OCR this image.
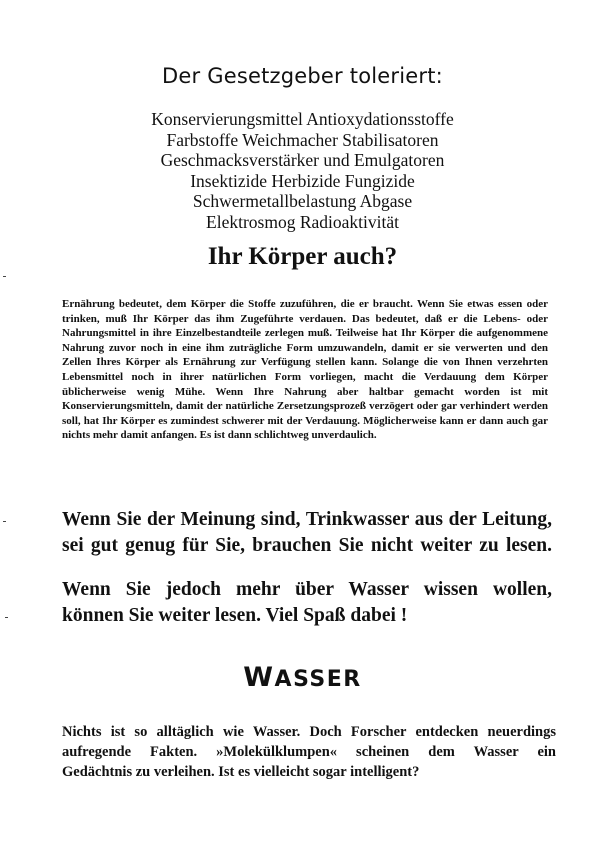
Der Gesetzgeber toleriert:
Konservierungsmittel Antioxydationsstoffe
Farbstoffe Weichmacher Stabilisatoren
Geschmacksverstärker und Emulgatoren
Insektizide Herbizide Fungizide
Schwermetallbelastung Abgase
Elektrosmog Radioaktivität
Ihr Körper auch?
Ernährung bedeutet, dem Körper die Stoffe zuzuführen, die er braucht. Wenn Sie etwas essen oder trinken, muß Ihr Körper das ihm Zugeführte verdauen. Das bedeutet, daß er die Lebens- oder Nahrungsmittel in ihre Einzelbestandteile zerlegen muß. Teilweise hat Ihr Körper die aufgenommene Nahrung zuvor noch in eine ihm zuträgliche Form umzuwandeln, damit er sie verwerten und den Zellen Ihres Körper als Ernährung zur Verfügung stellen kann. Solange die von Ihnen verzehrten Lebensmittel noch in ihrer natürlichen Form vorliegen, macht die Verdauung dem Körper üblicherweise wenig Mühe. Wenn Ihre Nahrung aber haltbar gemacht worden ist mit Konservierungsmitteln, damit der natürliche Zersetzungsprozeß verzögert oder gar verhindert werden soll, hat Ihr Körper es zumindest schwerer mit der Verdauung. Möglicherweise kann er dann auch gar nichts mehr damit anfangen. Es ist dann schlichtweg unverdaulich.
Wenn Sie der Meinung sind, Trinkwasser aus der Leitung,
sei gut genug für Sie, brauchen Sie nicht weiter zu lesen.
Wenn Sie jedoch mehr über Wasser wissen wollen,
können Sie weiter lesen. Viel Spaß dabei !
WASSER
Nichts ist so alltäglich wie Wasser. Doch Forscher entdecken neuerdings
aufregende Fakten. »Molekülklumpen« scheinen dem Wasser ein
Gedächtnis zu verleihen. Ist es vielleicht sogar intelligent?
